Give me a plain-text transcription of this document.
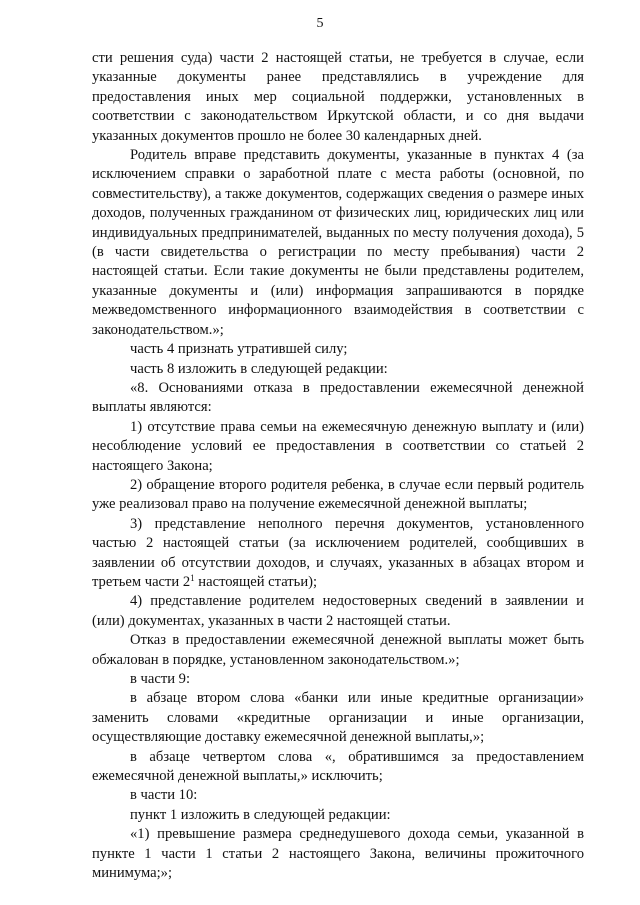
5

сти решения суда) части 2 настоящей статьи, не требуется в случае, если указанные документы ранее представлялись в учреждение для предоставления иных мер социальной поддержки, установленных в соответствии с законодательством Иркутской области, и со дня выдачи указанных документов прошло не более 30 календарных дней.

Родитель вправе представить документы, указанные в пунктах 4 (за исключением справки о заработной плате с места работы (основной, по совместительству), а также документов, содержащих сведения о размере иных доходов, полученных гражданином от физических лиц, юридических лиц или индивидуальных предпринимателей, выданных по месту получения дохода), 5 (в части свидетельства о регистрации по месту пребывания) части 2 настоящей статьи. Если такие документы не были представлены родителем, указанные документы и (или) информация запрашиваются в порядке межведомственного информационного взаимодействия в соответствии с законодательством.»;

часть 4 признать утратившей силу;

часть 8 изложить в следующей редакции:

«8. Основаниями отказа в предоставлении ежемесячной денежной выплаты являются:

1) отсутствие права семьи на ежемесячную денежную выплату и (или) несоблюдение условий ее предоставления в соответствии со статьей 2 настоящего Закона;

2) обращение второго родителя ребенка, в случае если первый родитель уже реализовал право на получение ежемесячной денежной выплаты;

3) представление неполного перечня документов, установленного частью 2 настоящей статьи (за исключением родителей, сообщивших в заявлении об отсутствии доходов, и случаях, указанных в абзацах втором и третьем части $2^1$ настоящей статьи);

4) представление родителем недостоверных сведений в заявлении и (или) документах, указанных в части 2 настоящей статьи.

Отказ в предоставлении ежемесячной денежной выплаты может быть обжалован в порядке, установленном законодательством.»;

в части 9:

в абзаце втором слова «банки или иные кредитные организации» заменить словами «кредитные организации и иные организации, осуществляющие доставку ежемесячной денежной выплаты,»;

в абзаце четвертом слова «, обратившимся за предоставлением ежемесячной денежной выплаты,» исключить;

в части 10:

пункт 1 изложить в следующей редакции:

«1) превышение размера среднедушевого дохода семьи, указанной в пункте 1 части 1 статьи 2 настоящего Закона, величины прожиточного минимума;»;
